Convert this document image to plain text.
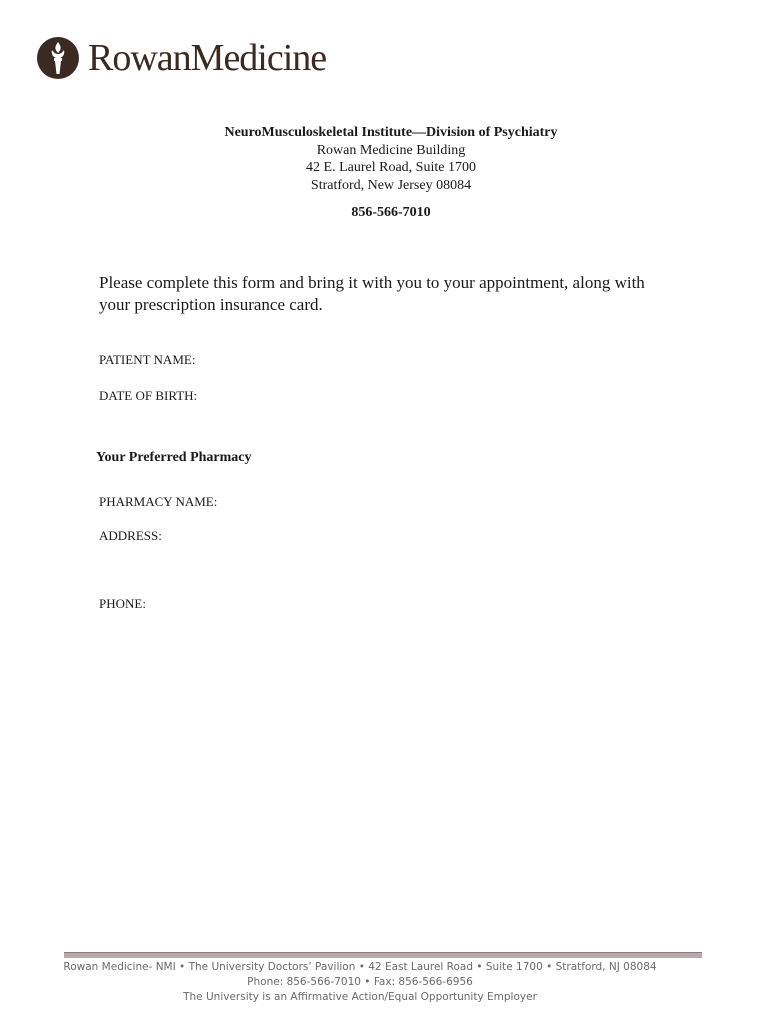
RowanMedicine
NeuroMusculoskeletal Institute—Division of Psychiatry
Rowan Medicine Building
42 E. Laurel Road, Suite 1700
Stratford, New Jersey 08084
856-566-7010
Please complete this form and bring it with you to your appointment, along with your prescription insurance card.
PATIENT NAME:
DATE OF BIRTH:
Your Preferred Pharmacy
PHARMACY NAME:
ADDRESS:
PHONE:
Rowan Medicine- NMI • The University Doctors’ Pavilion • 42 East Laurel Road • Suite 1700 • Stratford, NJ 08084
Phone: 856-566-7010 • Fax: 856-566-6956
The University is an Affirmative Action/Equal Opportunity Employer
